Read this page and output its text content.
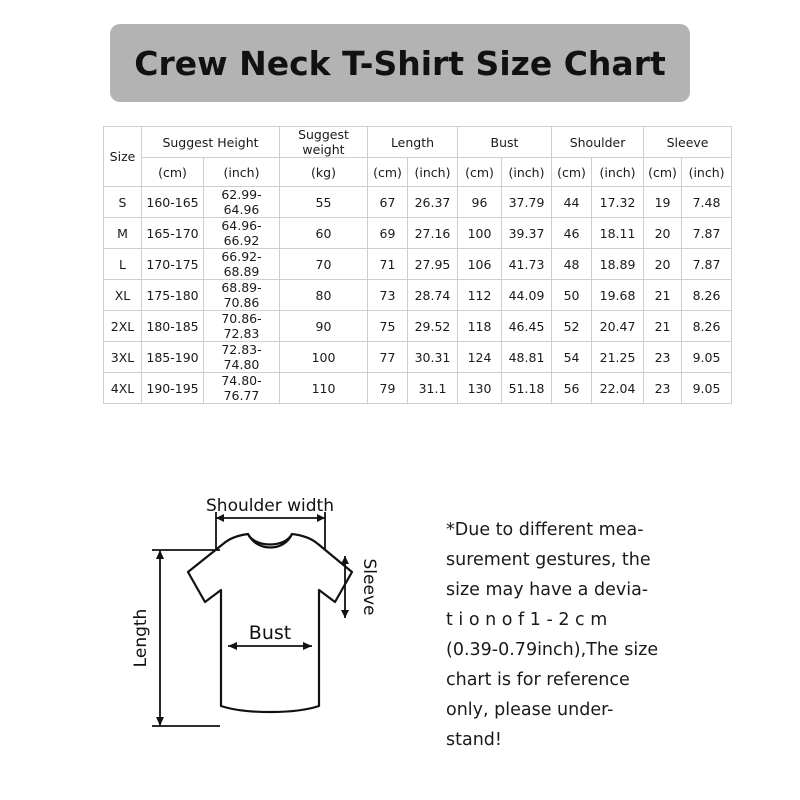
Crew Neck T-Shirt Size Chart
Size	Suggest Height		Suggest weight	Length		Bust		Shoulder		Sleeve	
	(cm)	(inch)	(kg)	(cm)	(inch)	(cm)	(inch)	(cm)	(inch)	(cm)	(inch)
S	160-165	62.99-64.96	55	67	26.37	96	37.79	44	17.32	19	7.48
M	165-170	64.96-66.92	60	69	27.16	100	39.37	46	18.11	20	7.87
L	170-175	66.92-68.89	70	71	27.95	106	41.73	48	18.89	20	7.87
XL	175-180	68.89-70.86	80	73	28.74	112	44.09	50	19.68	21	8.26
2XL	180-185	70.86-72.83	90	75	29.52	118	46.45	52	20.47	21	8.26
3XL	185-190	72.83-74.80	100	77	30.31	124	48.81	54	21.25	23	9.05
4XL	190-195	74.80-76.77	110	79	31.1	130	51.18	56	22.04	23	9.05
Shoulder width
Bust
Sleeve
Length
*Due to different mea-
surement gestures, the
size may have a devia-
t i o n o f 1 - 2 c m
(0.39-0.79inch),The size
chart is for reference
only, please under-
stand!
